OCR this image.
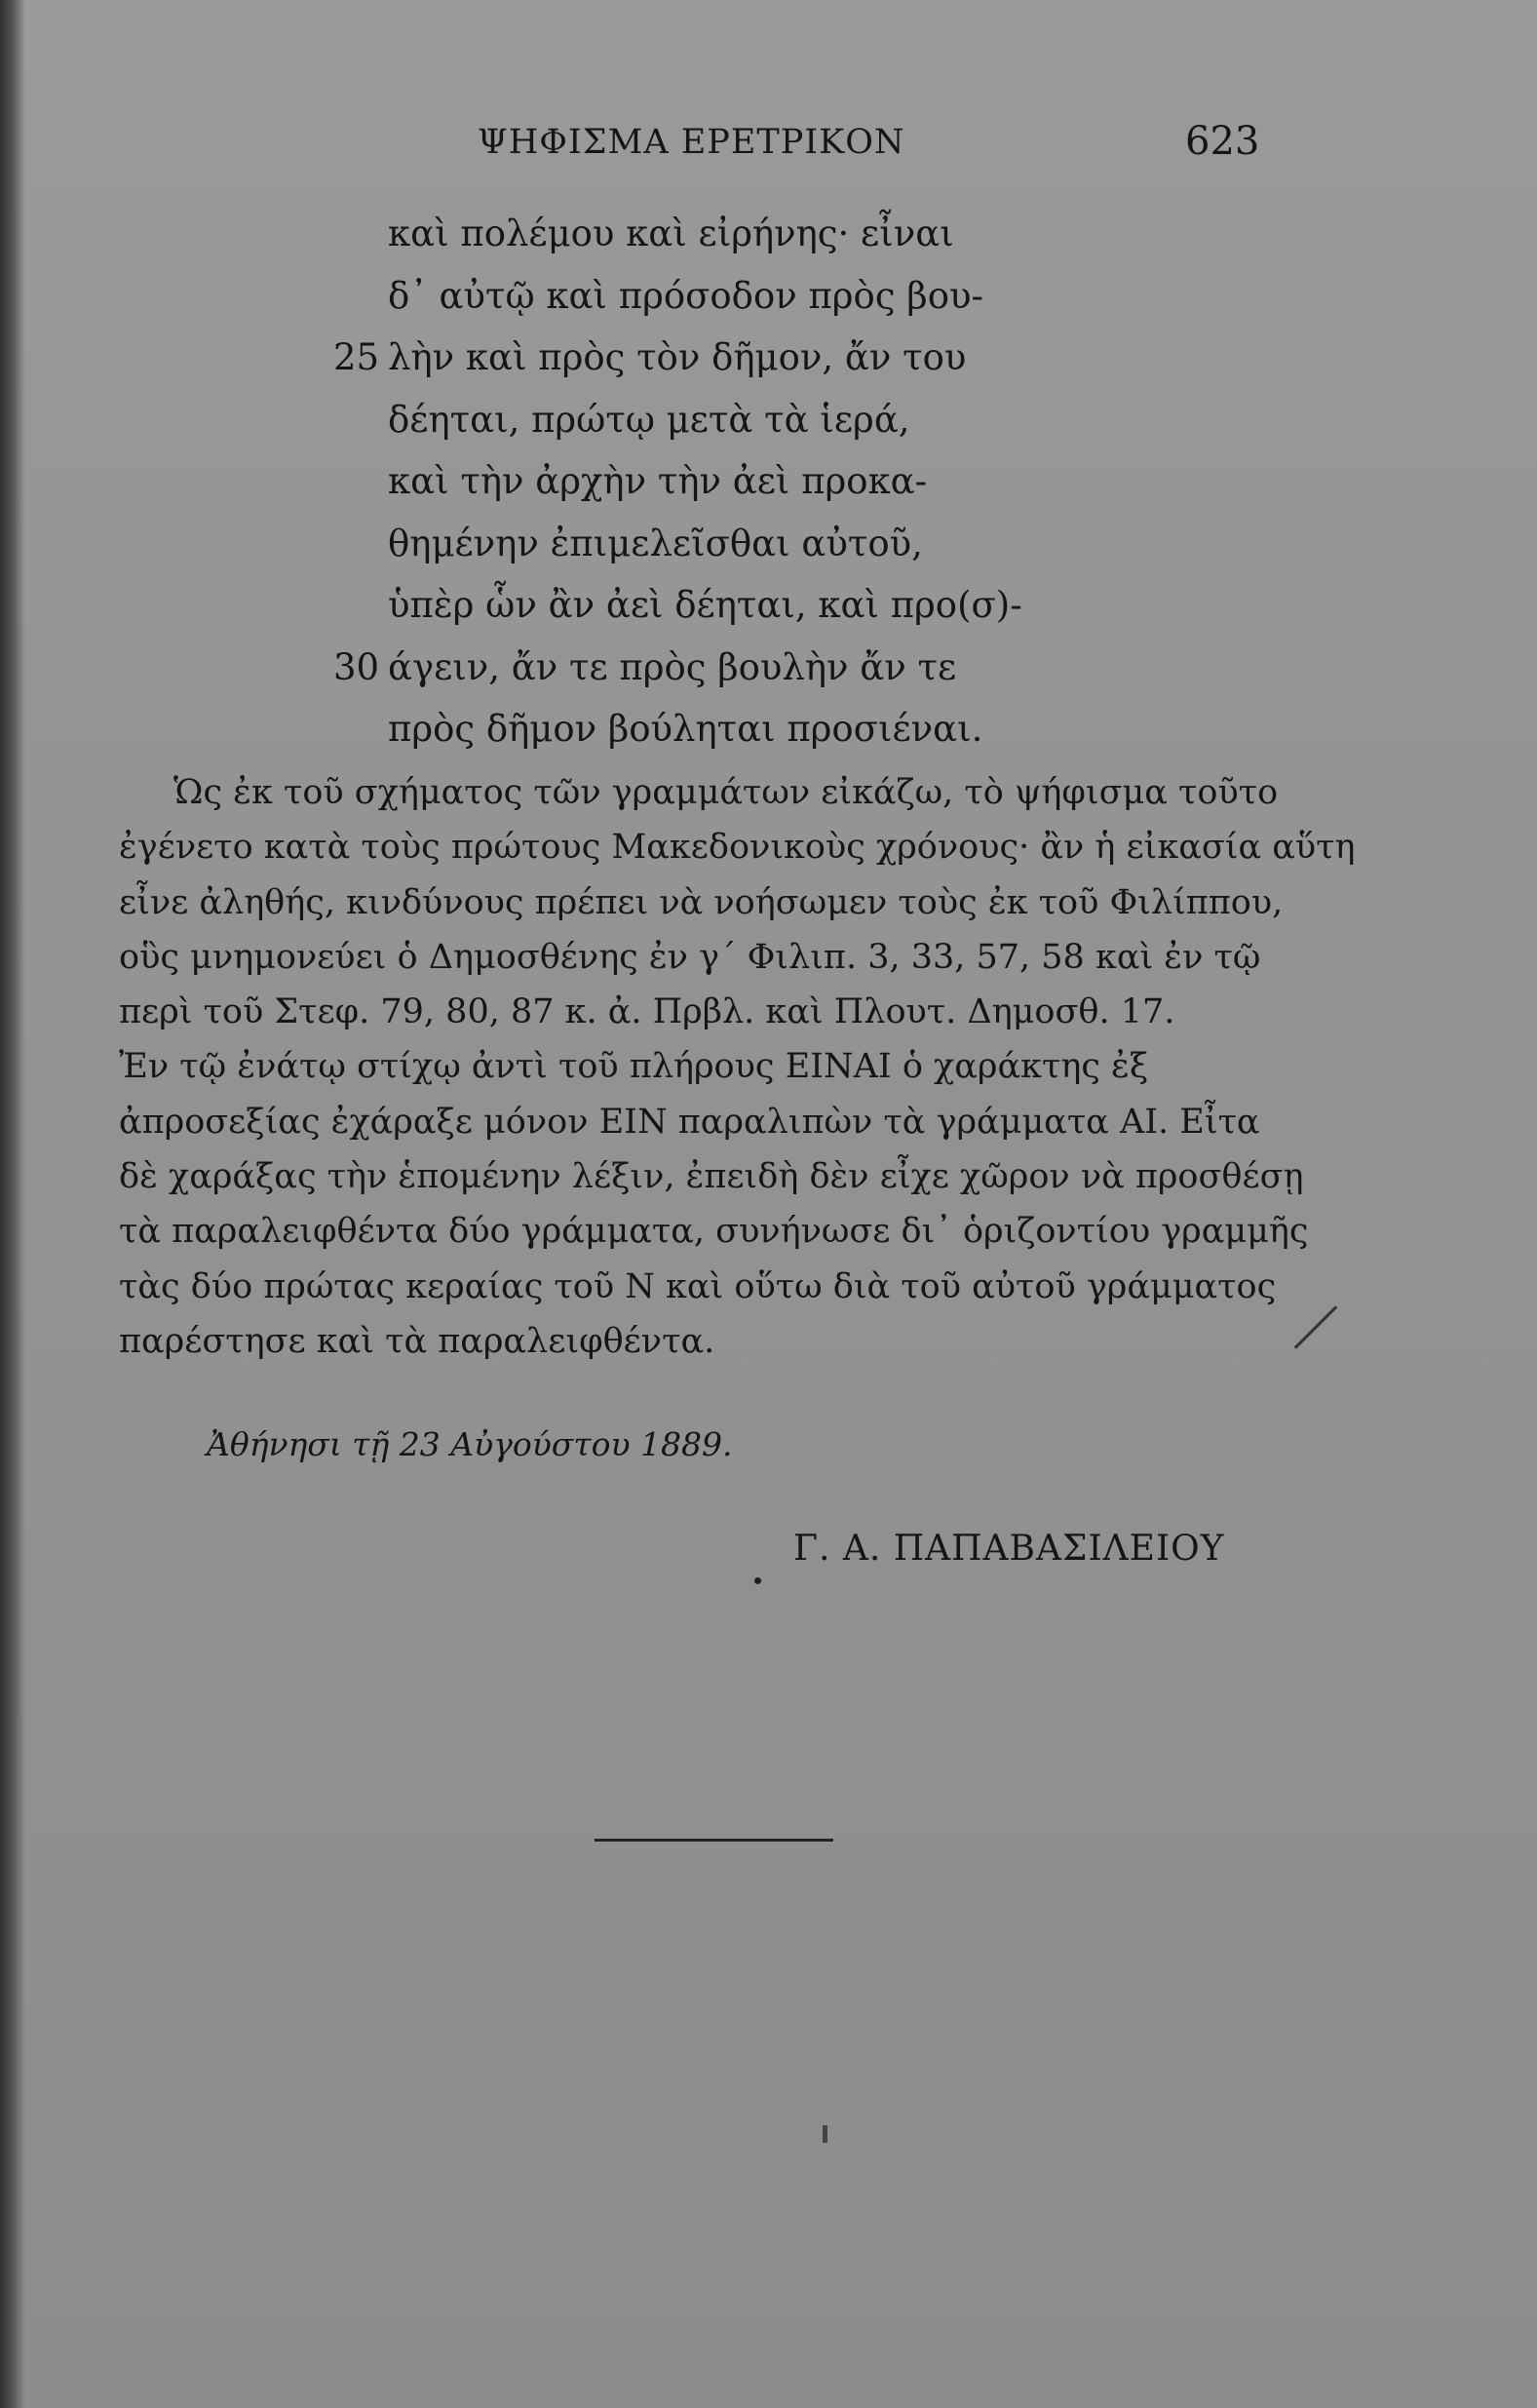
ΨΗΦΙΣΜΑ ΕΡΕΤΡΙΚΟΝ	623
καὶ πολέμου καὶ εἰρήνης· εἶναι
δ᾽ αὐτῷ καὶ πρόσοδον πρὸς βου-
25 λὴν καὶ πρὸς τὸν δῆμον, ἄν του
δέηται, πρώτῳ μετὰ τὰ ἱερά,
καὶ τὴν ἀρχὴν τὴν ἀεὶ προκα-
θημένην ἐπιμελεῖσθαι αὐτοῦ,
ὑπὲρ ὧν ἂν ἀεὶ δέηται, καὶ προ(σ)-
30 άγειν, ἄν τε πρὸς βουλὴν ἄν τε
πρὸς δῆμον βούληται προσιέναι.
Ὡς ἐκ τοῦ σχήματος τῶν γραμμάτων εἰκάζω, τὸ ψήφισμα τοῦτο
ἐγένετο κατὰ τοὺς πρώτους Μακεδονικοὺς χρόνους· ἂν ἡ εἰκασία αὕτη
εἶνε ἀληθής, κινδύνους πρέπει νὰ νοήσωμεν τοὺς ἐκ τοῦ Φιλίππου,
οὓς μνημονεύει ὁ Δημοσθένης ἐν γ΄ Φιλιπ. 3, 33, 57, 58 καὶ ἐν τῷ
περὶ τοῦ Στεφ. 79, 80, 87 κ. ἀ. Πρβλ. καὶ Πλουτ. Δημοσθ. 17.
Ἐν τῷ ἐνάτῳ στίχῳ ἀντὶ τοῦ πλήρους ΕΙΝΑΙ ὁ χαράκτης ἐξ
ἀπροσεξίας ἐχάραξε μόνον ΕΙΝ παραλιπὼν τὰ γράμματα ΑΙ. Εἶτα
δὲ χαράξας τὴν ἑπομένην λέξιν, ἐπειδὴ δὲν εἶχε χῶρον νὰ προσθέσῃ
τὰ παραλειφθέντα δύο γράμματα, συνήνωσε δι᾽ ὁριζοντίου γραμμῆς
τὰς δύο πρώτας κεραίας τοῦ Ν καὶ οὕτω διὰ τοῦ αὐτοῦ γράμματος
παρέστησε καὶ τὰ παραλειφθέντα.
Ἀθήνησι τῇ 23 Αὐγούστου 1889.
Γ. Α. ΠΑΠΑΒΑΣΙΛΕΙΟΥ
